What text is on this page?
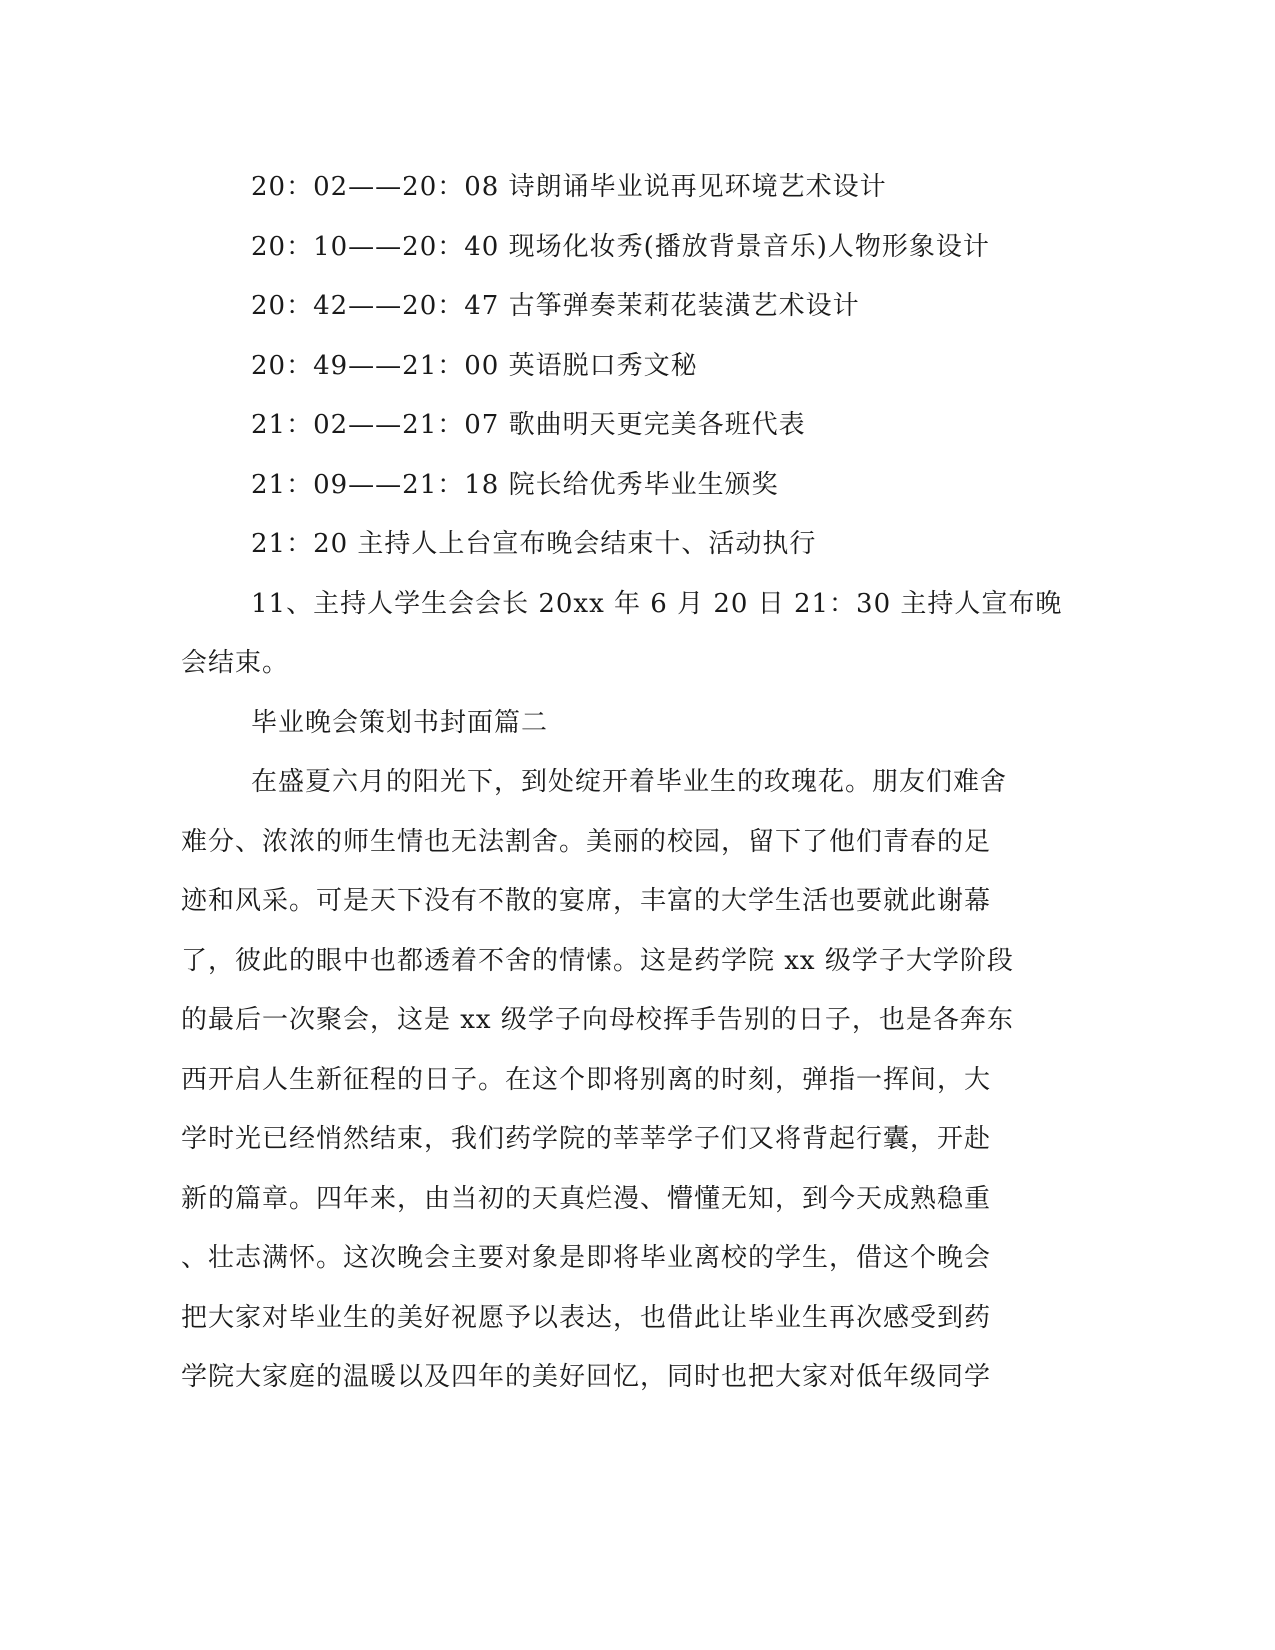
20：02——20：08 诗朗诵毕业说再见环境艺术设计
20：10——20：40 现场化妆秀(播放背景音乐)人物形象设计
20：42——20：47 古筝弹奏茉莉花装潢艺术设计
20：49——21：00 英语脱口秀文秘
21：02——21：07 歌曲明天更完美各班代表
21：09——21：18 院长给优秀毕业生颁奖
21：20 主持人上台宣布晚会结束十、活动执行
11、主持人学生会会长 20xx 年 6 月 20 日 21：30 主持人宣布晚
会结束。
毕业晚会策划书封面篇二
在盛夏六月的阳光下，到处绽开着毕业生的玫瑰花。朋友们难舍
难分、浓浓的师生情也无法割舍。美丽的校园，留下了他们青春的足
迹和风采。可是天下没有不散的宴席，丰富的大学生活也要就此谢幕
了，彼此的眼中也都透着不舍的情愫。这是药学院 xx 级学子大学阶段
的最后一次聚会，这是 xx 级学子向母校挥手告别的日子，也是各奔东
西开启人生新征程的日子。在这个即将别离的时刻，弹指一挥间，大
学时光已经悄然结束，我们药学院的莘莘学子们又将背起行囊，开赴
新的篇章。四年来，由当初的天真烂漫、懵懂无知，到今天成熟稳重
、壮志满怀。这次晚会主要对象是即将毕业离校的学生，借这个晚会
把大家对毕业生的美好祝愿予以表达，也借此让毕业生再次感受到药
学院大家庭的温暖以及四年的美好回忆，同时也把大家对低年级同学
